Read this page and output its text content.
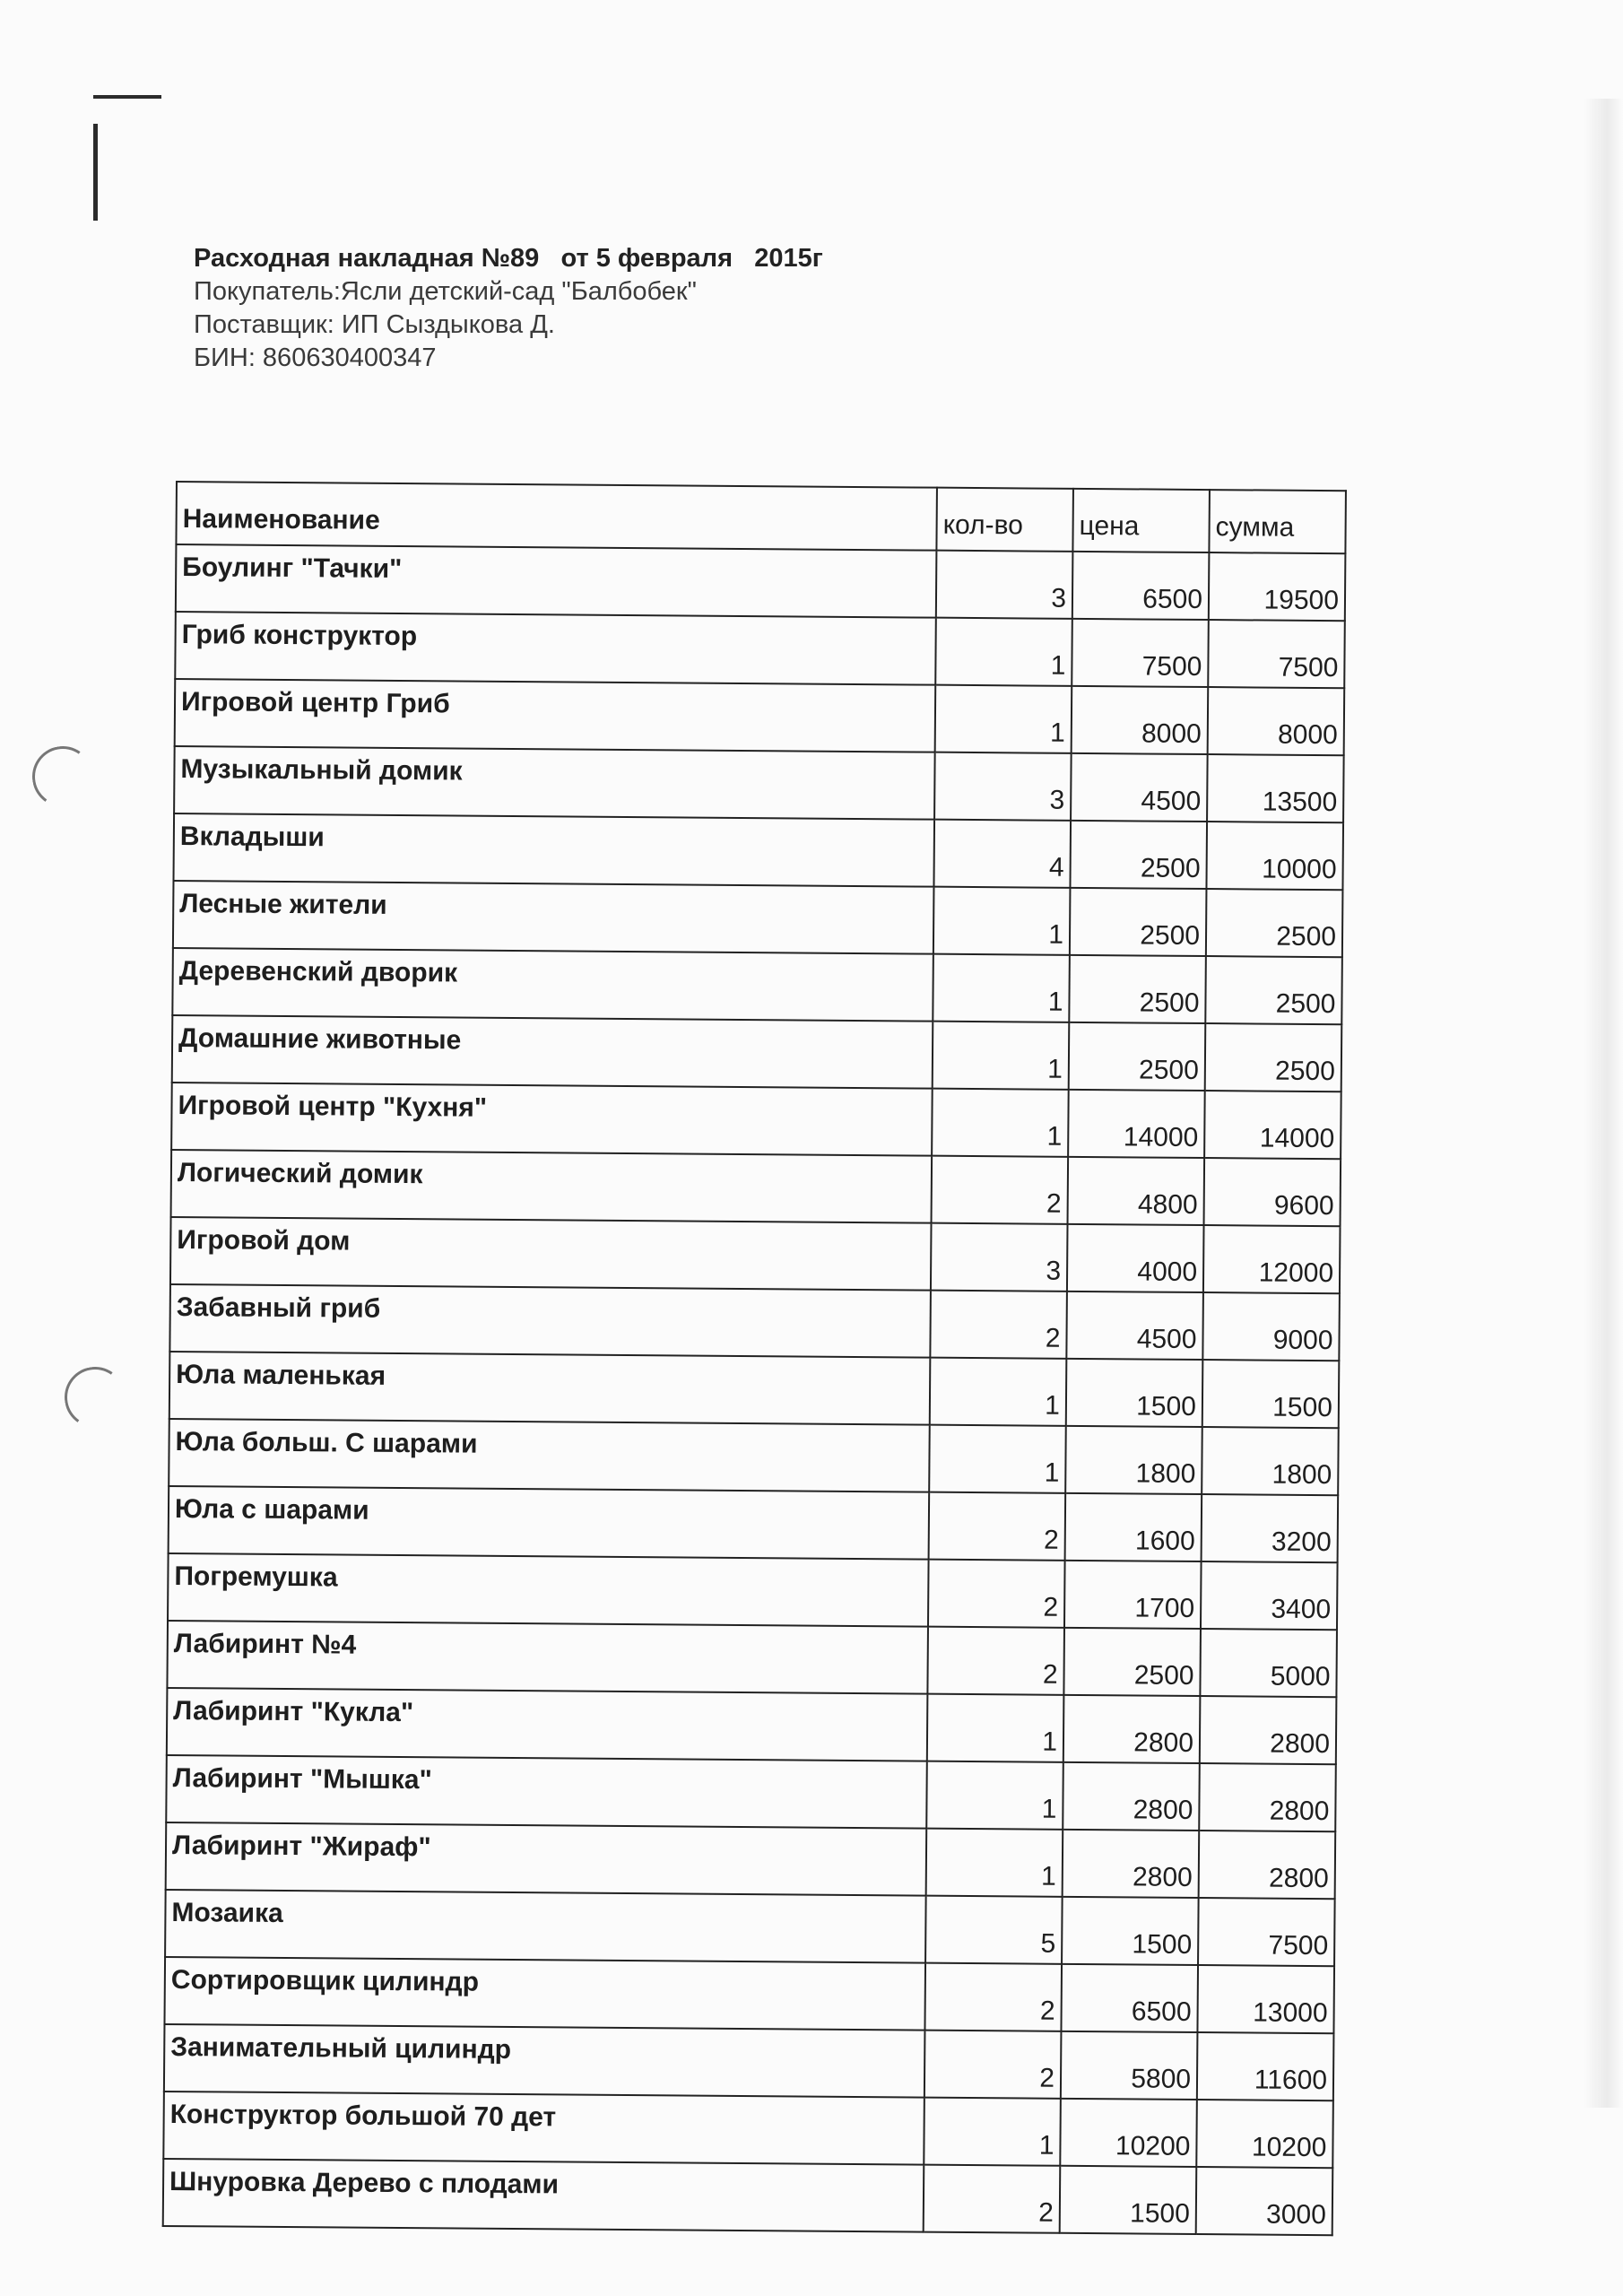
Расходная накладная №89   от 5 февраля   2015г
Покупатель:Ясли детский-сад "Балбобек"
Поставщик: ИП Сыздыкова Д.
БИН: 860630400347
Наименование	кол-во	цена	сумма
Боулинг "Тачки"	3	6500	19500
Гриб конструктор	1	7500	7500
Игровой центр Гриб	1	8000	8000
Музыкальный домик	3	4500	13500
Вкладыши	4	2500	10000
Лесные жители	1	2500	2500
Деревенский дворик	1	2500	2500
Домашние животные	1	2500	2500
Игровой центр "Кухня"	1	14000	14000
Логический домик	2	4800	9600
Игровой дом	3	4000	12000
Забавный гриб	2	4500	9000
Юла маленькая	1	1500	1500
Юла больш. С шарами	1	1800	1800
Юла с шарами	2	1600	3200
Погремушка	2	1700	3400
Лабиринт №4	2	2500	5000
Лабиринт "Кукла"	1	2800	2800
Лабиринт "Мышка"	1	2800	2800
Лабиринт "Жираф"	1	2800	2800
Мозаика	5	1500	7500
Сортировщик цилиндр	2	6500	13000
Занимательный цилиндр	2	5800	11600
Конструктор большой 70 дет	1	10200	10200
Шнуровка Дерево с плодами	2	1500	3000
